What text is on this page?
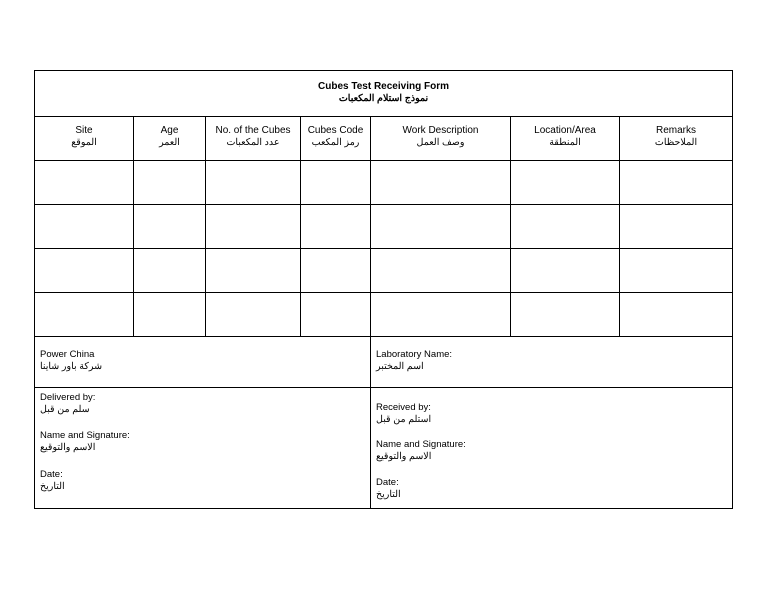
Cubes Test Receiving Form
نموذج استلام المكعبات
Site
الموقع
Age
العمر
No. of the Cubes
عدد المكعبات
Cubes Code
رمز المكعب
Work Description
وصف العمل
Location/Area
المنطقة
Remarks
الملاحظات
Power China
شركة باور شاينا
Laboratory Name:
اسم المختبر
Delivered by:
سلم من قبل
Name and Signature:
الاسم والتوقيع
Date:
التاريخ
Received by:
استلم من قبل
Name and Signature:
الاسم والتوقيع
Date:
التاريخ
